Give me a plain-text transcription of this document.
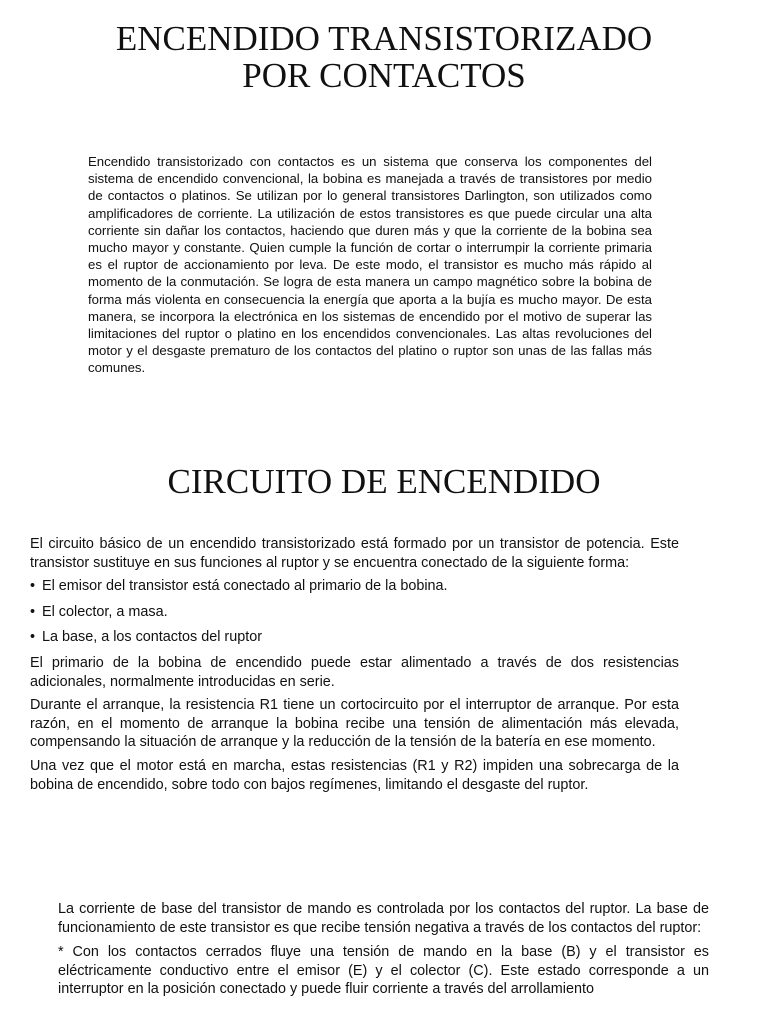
ENCENDIDO TRANSISTORIZADO POR CONTACTOS

Encendido transistorizado con contactos es un sistema que conserva los componentes del sistema de encendido convencional, la bobina es manejada a través de transistores por medio de contactos o platinos. Se utilizan por lo general transistores Darlington, son utilizados como amplificadores de corriente. La utilización de estos transistores es que puede circular una alta corriente sin dañar los contactos, haciendo que duren más y que la corriente de la bobina sea mucho mayor y constante. Quien cumple la función de cortar o interrumpir la corriente primaria es el ruptor de accionamiento por leva. De este modo, el transistor es mucho más rápido al momento de la conmutación. Se logra de esta manera un campo magnético sobre la bobina de forma más violenta en consecuencia la energía que aporta a la bujía es mucho mayor. De esta manera, se incorpora la electrónica en los sistemas de encendido por el motivo de superar las limitaciones del ruptor o platino en los encendidos convencionales. Las altas revoluciones del motor y el desgaste prematuro de los contactos del platino o ruptor son unas de las fallas más comunes.

CIRCUITO DE ENCENDIDO

El circuito básico de un encendido transistorizado está formado por un transistor de potencia. Este transistor sustituye en sus funciones al ruptor y se encuentra conectado de la siguiente forma:

• El emisor del transistor está conectado al primario de la bobina.
• El colector, a masa.
• La base, a los contactos del ruptor

El primario de la bobina de encendido puede estar alimentado a través de dos resistencias adicionales, normalmente introducidas en serie.

Durante el arranque, la resistencia R1 tiene un cortocircuito por el interruptor de arranque. Por esta razón, en el momento de arranque la bobina recibe una tensión de alimentación más elevada, compensando la situación de arranque y la reducción de la tensión de la batería en ese momento.

Una vez que el motor está en marcha, estas resistencias (R1 y R2) impiden una sobrecarga de la bobina de encendido, sobre todo con bajos regímenes, limitando el desgaste del ruptor.

La corriente de base del transistor de mando es controlada por los contactos del ruptor. La base de funcionamiento de este transistor es que recibe tensión negativa a través de los contactos del ruptor:

* Con los contactos cerrados fluye una tensión de mando en la base (B) y el transistor es eléctricamente conductivo entre el emisor (E) y el colector (C). Este estado corresponde a un interruptor en la posición conectado y puede fluir corriente a través del arrollamiento
